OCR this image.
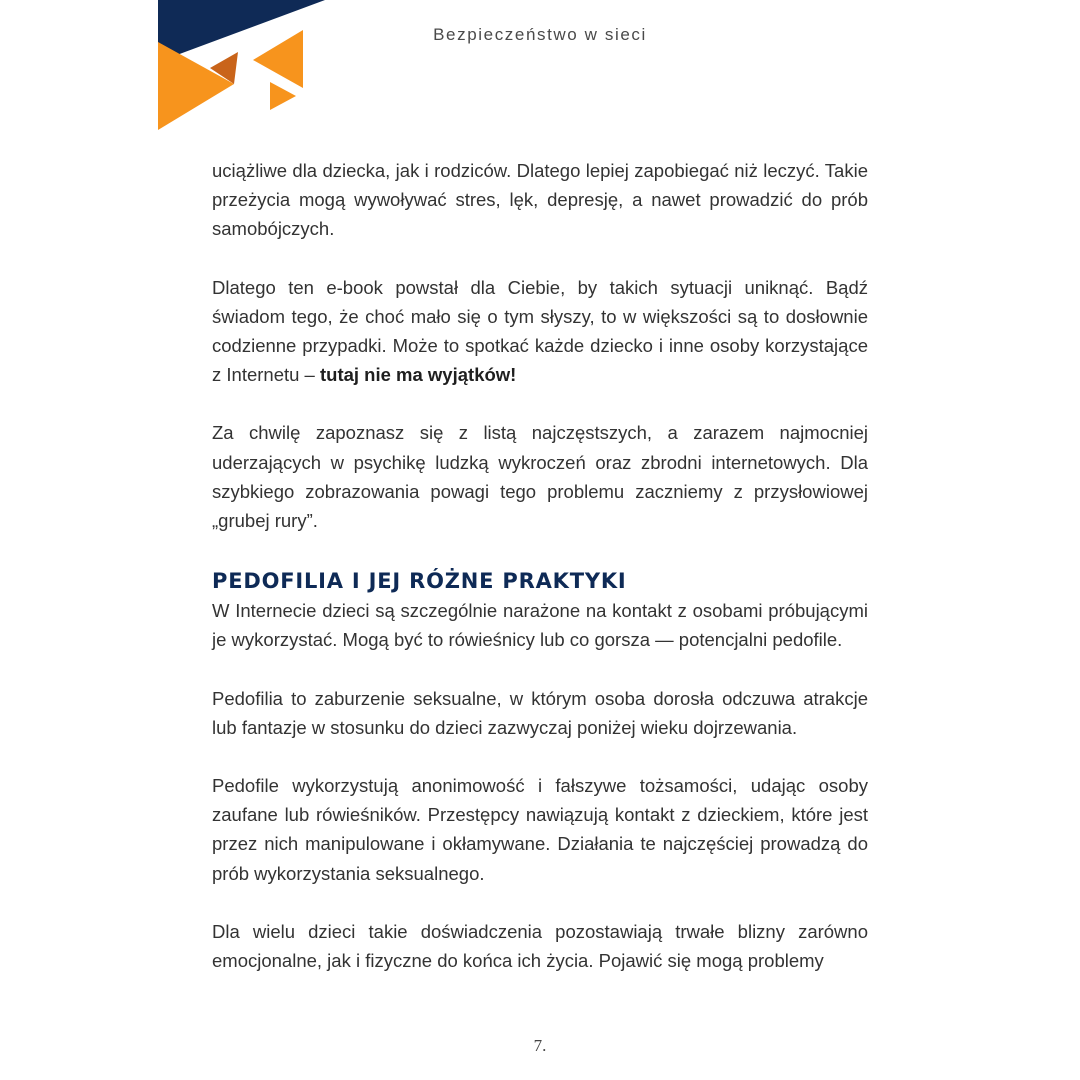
Bezpieczeństwo w sieci

uciążliwe dla dziecka, jak i rodziców. Dlatego lepiej zapobiegać niż leczyć. Takie przeżycia mogą wywoływać stres, lęk, depresję, a nawet prowadzić do prób samobójczych.

Dlatego ten e-book powstał dla Ciebie, by takich sytuacji uniknąć. Bądź świadom tego, że choć mało się o tym słyszy, to w większości są to dosłownie codzienne przypadki. Może to spotkać każde dziecko i inne osoby korzystające z Internetu – tutaj nie ma wyjątków!

Za chwilę zapoznasz się z listą najczęstszych, a zarazem najmocniej uderzających w psychikę ludzką wykroczeń oraz zbrodni internetowych. Dla szybkiego zobrazowania powagi tego problemu zaczniemy z przysłowiowej „grubej rury”.

PEDOFILIA I JEJ RÓŻNE PRAKTYKI

W Internecie dzieci są szczególnie narażone na kontakt z osobami próbującymi je wykorzystać. Mogą być to rówieśnicy lub co gorsza — potencjalni pedofile.

Pedofilia to zaburzenie seksualne, w którym osoba dorosła odczuwa atrakcje lub fantazje w stosunku do dzieci zazwyczaj poniżej wieku dojrzewania.

Pedofile wykorzystują anonimowość i fałszywe tożsamości, udając osoby zaufane lub rówieśników. Przestępcy nawiązują kontakt z dzieckiem, które jest przez nich manipulowane i okłamywane. Działania te najczęściej prowadzą do prób wykorzystania seksualnego.

Dla wielu dzieci takie doświadczenia pozostawiają trwałe blizny zarówno emocjonalne, jak i fizyczne do końca ich życia. Pojawić się mogą problemy

7.
